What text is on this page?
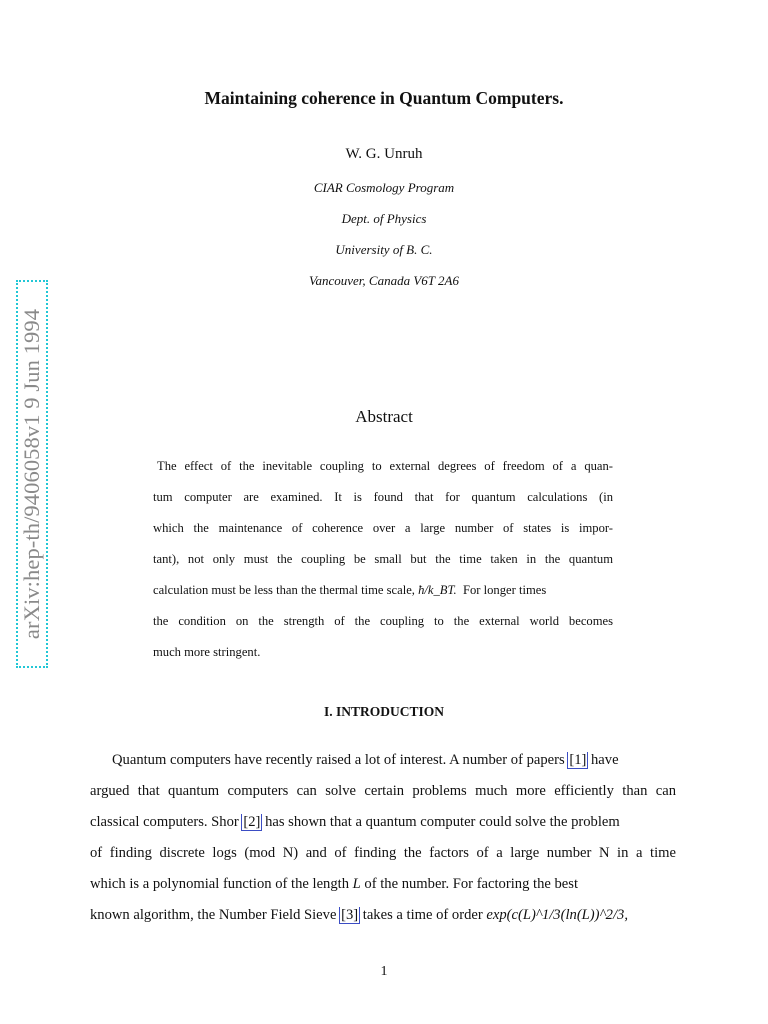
arXiv:hep-th/9406058v1 9 Jun 1994
Maintaining coherence in Quantum Computers.
W. G. Unruh
CIAR Cosmology Program
Dept. of Physics
University of B. C.
Vancouver, Canada V6T 2A6
Abstract
The effect of the inevitable coupling to external degrees of freedom of a quan-
tum computer are examined. It is found that for quantum calculations (in
which the maintenance of coherence over a large number of states is impor-
tant), not only must the coupling be small but the time taken in the quantum
calculation must be less than the thermal time scale, ħ/k_BT. For longer times
the condition on the strength of the coupling to the external world becomes
much more stringent.
I. INTRODUCTION
Quantum computers have recently raised a lot of interest. A number of papers [1] have
argued that quantum computers can solve certain problems much more efficiently than can
classical computers. Shor [2] has shown that a quantum computer could solve the problem
of finding discrete logs (mod N) and of finding the factors of a large number N in a time
which is a polynomial function of the length L of the number. For factoring the best
known algorithm, the Number Field Sieve [3] takes a time of order exp(c(L)^1/3(ln(L))^2/3,
1
